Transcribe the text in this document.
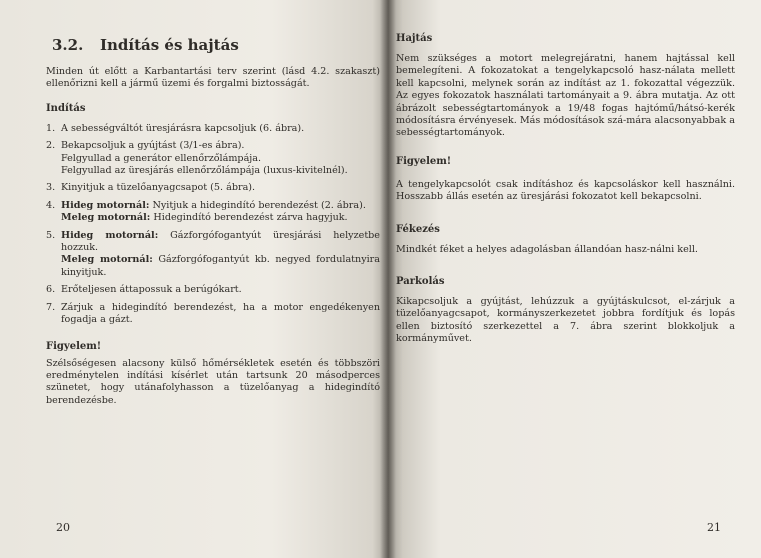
3.2.	Indítás és hajtás

Minden út előtt a Karbantartási terv szerint (lásd 4.2. szakaszt) ellenőrizni kell a jármű üzemi és forgalmi biztosságát.

Indítás
1. A sebességváltót üresjárásra kapcsoljuk (6. ábra).
2. Bekapcsoljuk a gyújtást (3/1-es ábra).
Felgyullad a generátor ellenőrzőlámpája.
Felgyullad az üresjárás ellenőrzőlámpája (luxus-kivitelnél).
3. Kinyitjuk a tüzelőanyagcsapot (5. ábra).
4. Hideg motornál: Nyitjuk a hidegindító berendezést (2. ábra).
Meleg motornál: Hidegindító berendezést zárva hagyjuk.
5. Hideg motornál: Gázforgófogantyút üresjárási helyzetbe hozzuk.
Meleg motornál: Gázforgófogantyút kb. negyed fordulatnyira kinyitjuk.
6. Erőteljesen áttapossuk a berúgókart.
7. Zárjuk a hidegindító berendezést, ha a motor engedékenyen fogadja a gázt.
Figyelem!

Szélsőségesen alacsony külső hőmérsékletek esetén és többszöri eredménytelen indítási kísérlet után tartsunk 20 másodperces szünetet, hogy utánafolyhasson a tüzelőanyag a hidegindító berendezésbe.

20
Hajtás

Nem szükséges a motort melegrejáratni, hanem hajtással kell bemelegíteni. A fokozatokat a tengelykapcsoló hasz-nálata mellett kell kapcsolni, melynek során az indítást az 1. fokozattal végezzük. Az egyes fokozatok használati tartományait a 9. ábra mutatja. Az ott ábrázolt sebességtartományok a 19/48 fogas hajtómű/hátsó-kerék módosításra érvényesek. Más módosítások szá-mára alacsonyabbak a sebességtartományok.

Figyelem!

A tengelykapcsolót csak indításhoz és kapcsoláskor kell használni. Hosszabb állás esetén az üresjárási fokozatot kell bekapcsolni.

Fékezés

Mindkét féket a helyes adagolásban állandóan hasz-nálni kell.

Parkolás

Kikapcsoljuk a gyújtást, lehúzzuk a gyújtáskulcsot, el-zárjuk a tüzelőanyagcsapot, kormányszerkezetet jobbra fordítjuk és lopás ellen biztosító szerkezettel a 7. ábra szerint blokkoljuk a kormányművet.

21
